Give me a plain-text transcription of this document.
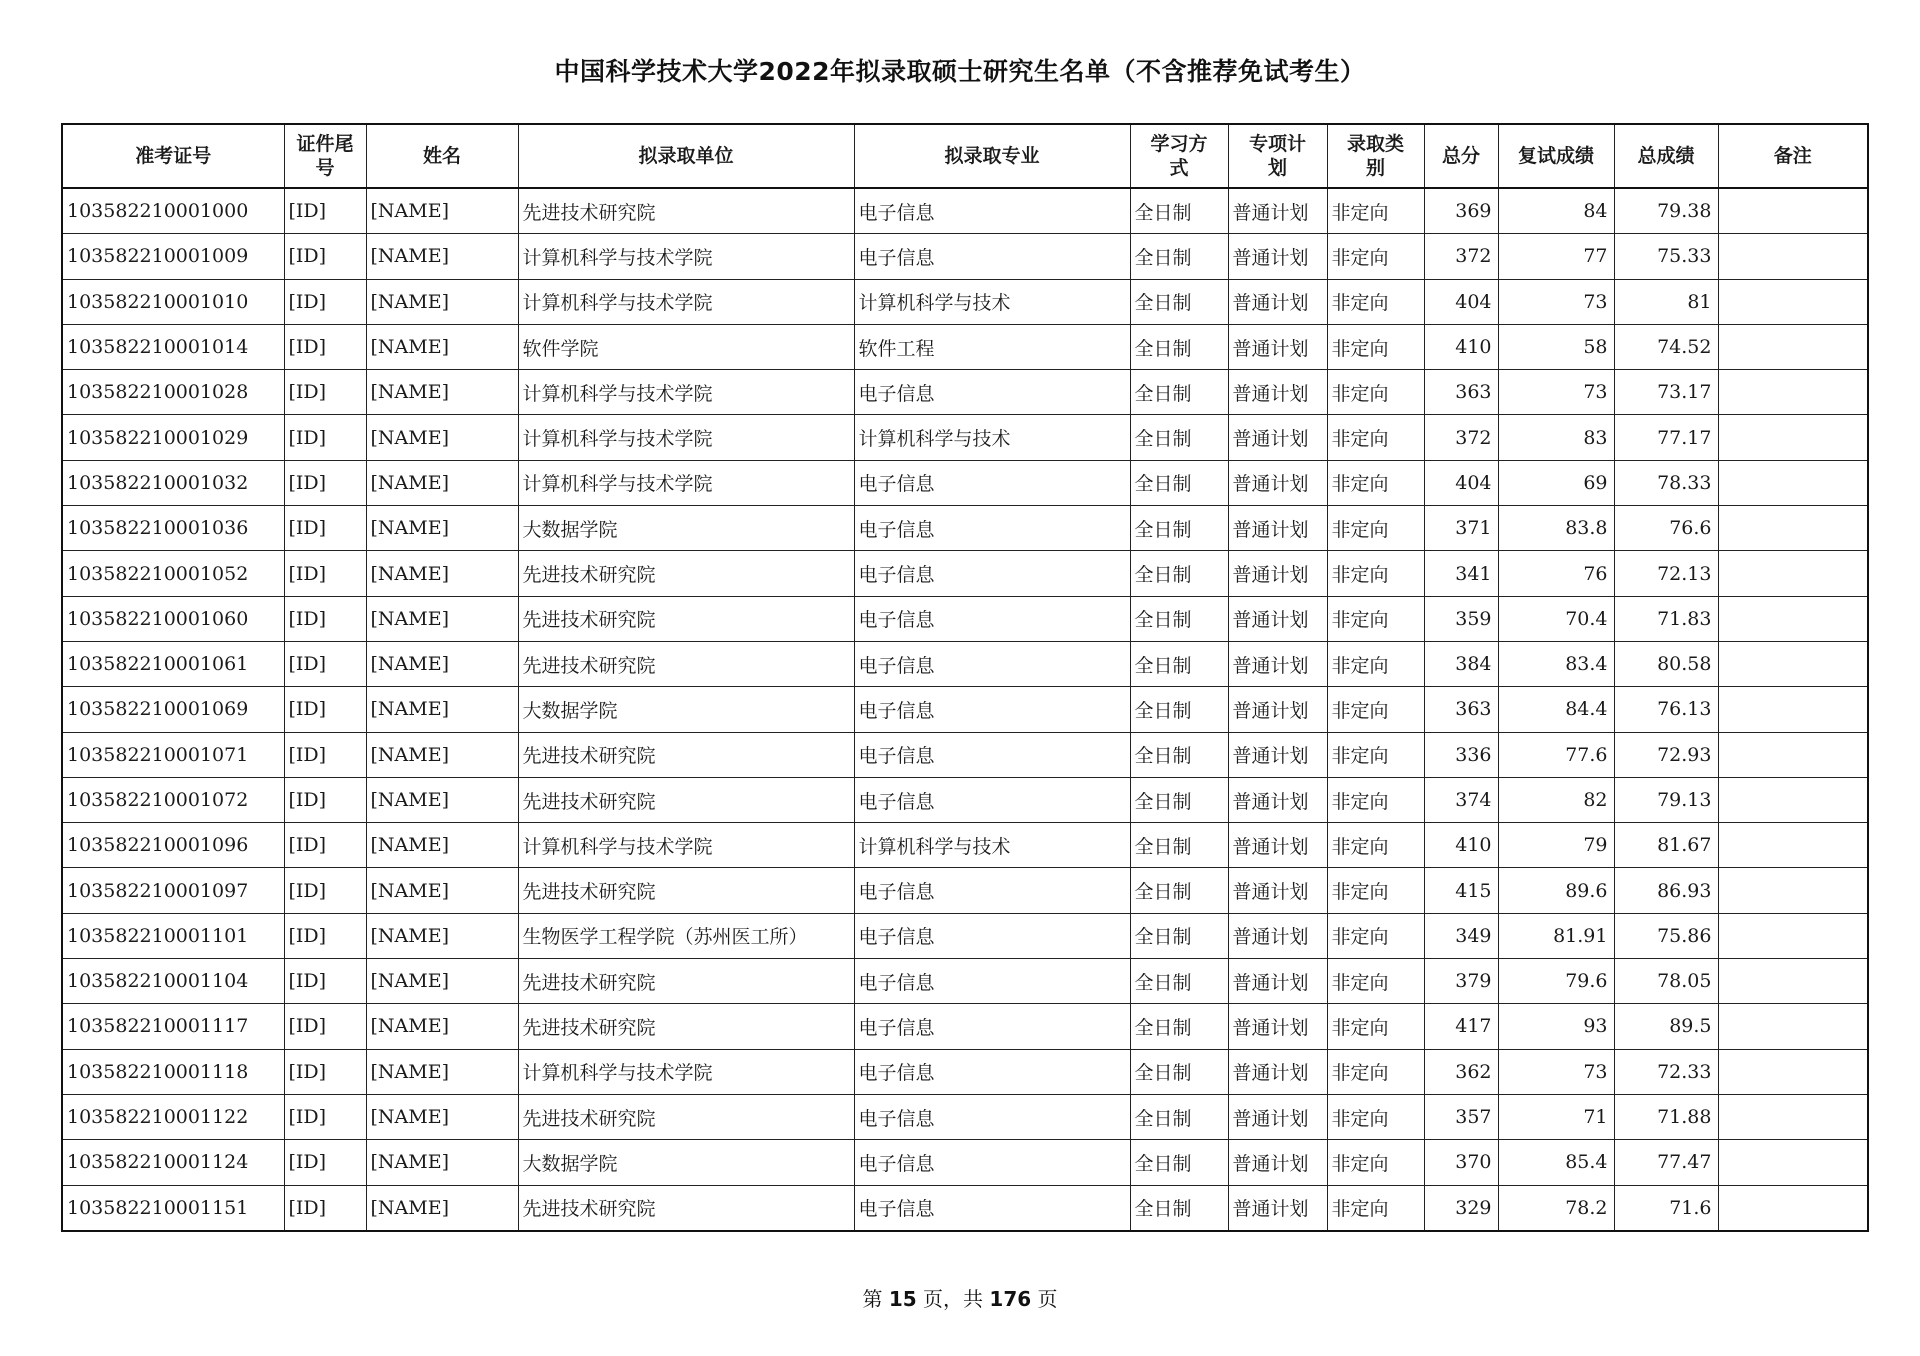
中国科学技术大学2022年拟录取硕士研究生名单（不含推荐免试考生）
准考证号	证件尾号	姓名	拟录取单位	拟录取专业	学习方式	专项计划	录取类别	总分	复试成绩	总成绩	备注
103582210001000	[ID]	[NAME]	先进技术研究院	电子信息	全日制	普通计划	非定向	369	84	79.38	
103582210001009	[ID]	[NAME]	计算机科学与技术学院	电子信息	全日制	普通计划	非定向	372	77	75.33	
103582210001010	[ID]	[NAME]	计算机科学与技术学院	计算机科学与技术	全日制	普通计划	非定向	404	73	81	
103582210001014	[ID]	[NAME]	软件学院	软件工程	全日制	普通计划	非定向	410	58	74.52	
103582210001028	[ID]	[NAME]	计算机科学与技术学院	电子信息	全日制	普通计划	非定向	363	73	73.17	
103582210001029	[ID]	[NAME]	计算机科学与技术学院	计算机科学与技术	全日制	普通计划	非定向	372	83	77.17	
103582210001032	[ID]	[NAME]	计算机科学与技术学院	电子信息	全日制	普通计划	非定向	404	69	78.33	
103582210001036	[ID]	[NAME]	大数据学院	电子信息	全日制	普通计划	非定向	371	83.8	76.6	
103582210001052	[ID]	[NAME]	先进技术研究院	电子信息	全日制	普通计划	非定向	341	76	72.13	
103582210001060	[ID]	[NAME]	先进技术研究院	电子信息	全日制	普通计划	非定向	359	70.4	71.83	
103582210001061	[ID]	[NAME]	先进技术研究院	电子信息	全日制	普通计划	非定向	384	83.4	80.58	
103582210001069	[ID]	[NAME]	大数据学院	电子信息	全日制	普通计划	非定向	363	84.4	76.13	
103582210001071	[ID]	[NAME]	先进技术研究院	电子信息	全日制	普通计划	非定向	336	77.6	72.93	
103582210001072	[ID]	[NAME]	先进技术研究院	电子信息	全日制	普通计划	非定向	374	82	79.13	
103582210001096	[ID]	[NAME]	计算机科学与技术学院	计算机科学与技术	全日制	普通计划	非定向	410	79	81.67	
103582210001097	[ID]	[NAME]	先进技术研究院	电子信息	全日制	普通计划	非定向	415	89.6	86.93	
103582210001101	[ID]	[NAME]	生物医学工程学院（苏州医工所）	电子信息	全日制	普通计划	非定向	349	81.91	75.86	
103582210001104	[ID]	[NAME]	先进技术研究院	电子信息	全日制	普通计划	非定向	379	79.6	78.05	
103582210001117	[ID]	[NAME]	先进技术研究院	电子信息	全日制	普通计划	非定向	417	93	89.5	
103582210001118	[ID]	[NAME]	计算机科学与技术学院	电子信息	全日制	普通计划	非定向	362	73	72.33	
103582210001122	[ID]	[NAME]	先进技术研究院	电子信息	全日制	普通计划	非定向	357	71	71.88	
103582210001124	[ID]	[NAME]	大数据学院	电子信息	全日制	普通计划	非定向	370	85.4	77.47	
103582210001151	[ID]	[NAME]	先进技术研究院	电子信息	全日制	普通计划	非定向	329	78.2	71.6	
第 15 页，共 176 页
